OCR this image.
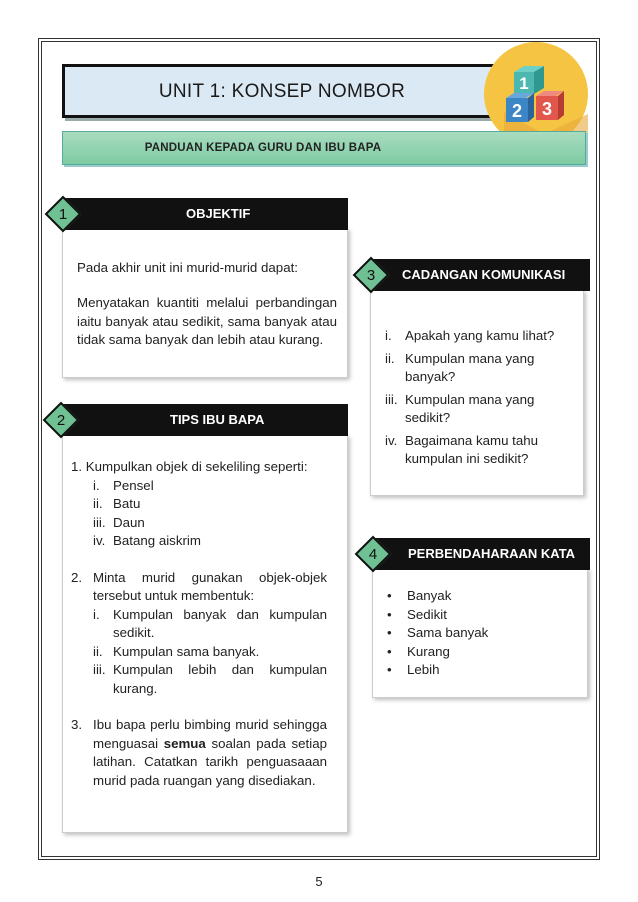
UNIT 1: KONSEP NOMBOR	1
2 3
PANDUAN KEPADA GURU DAN IBU BAPA
Pada akhir unit ini murid-murid dapat:
Menyatakan kuantiti melalui perbandingan iaitu banyak atau sedikit, sama banyak atau tidak sama banyak dan lebih atau kurang.
OBJEKTIF
1
1. Kumpulkan objek di sekeliling seperti:
i.	Pensel
ii. Batu
iii. Daun
iv. Batang aiskrim
2. Minta murid gunakan objek-objek tersebut untuk membentuk:
i.	Kumpulan banyak dan kumpulan sedikit.
ii. Kumpulan sama banyak.
iii. Kumpulan lebih dan kumpulan kurang.
3. Ibu bapa perlu bimbing murid sehingga menguasai semua soalan pada setiap latihan. Catatkan tarikh penguasaaan murid pada ruangan yang disediakan.
TIPS IBU BAPA
2
i.	Apakah yang kamu lihat?
ii. Kumpulan mana yang banyak?
iii. Kumpulan mana yang sedikit?
iv. Bagaimana kamu tahu kumpulan ini sedikit?
CADANGAN KOMUNIKASI
3
•	Banyak
•	Sedikit
•	Sama banyak
•	Kurang
•	Lebih
PERBENDAHARAAN KATA
4
5
